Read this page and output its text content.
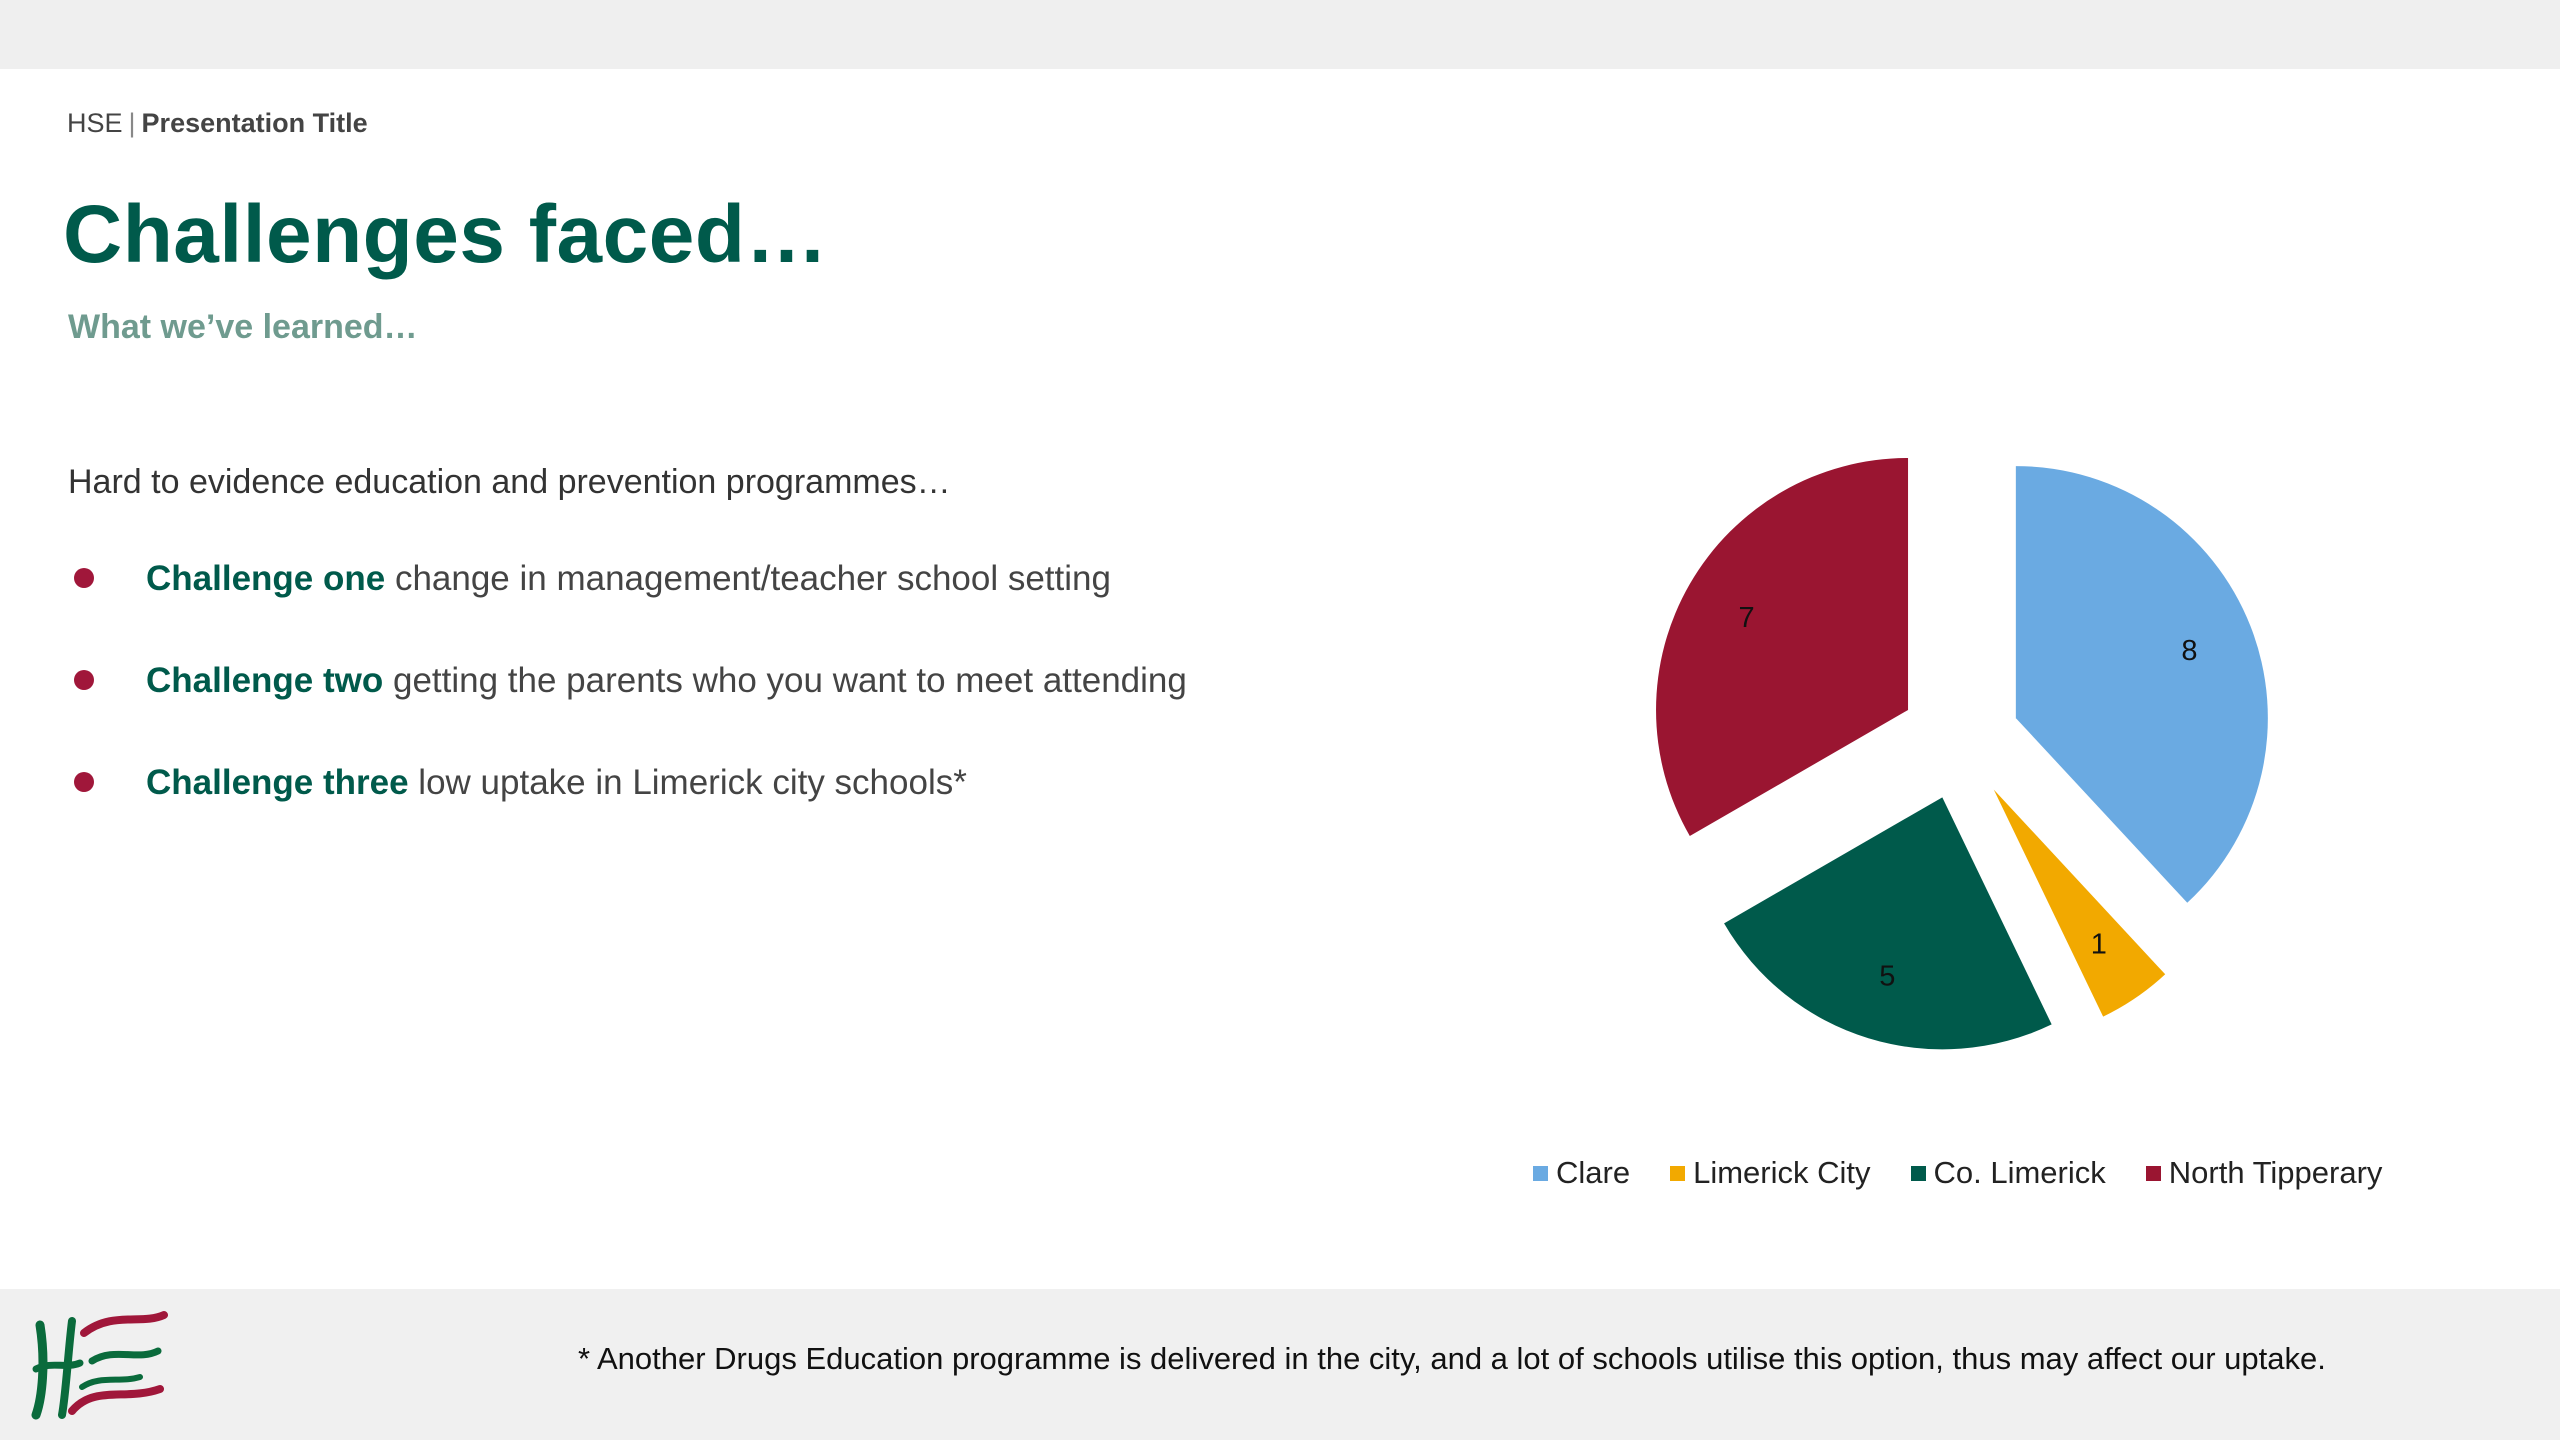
HSE | Presentation Title
Challenges faced…
What we’ve learned…
Hard to evidence education and prevention programmes…
Challenge one change in management/teacher school setting
Challenge two getting the parents who you want to meet attending
Challenge three low uptake in Limerick city schools*
8
1
5
7
Clare Limerick City Co. Limerick North Tipperary
* Another Drugs Education programme is delivered in the city, and a lot of schools utilise this option, thus may affect our uptake.
